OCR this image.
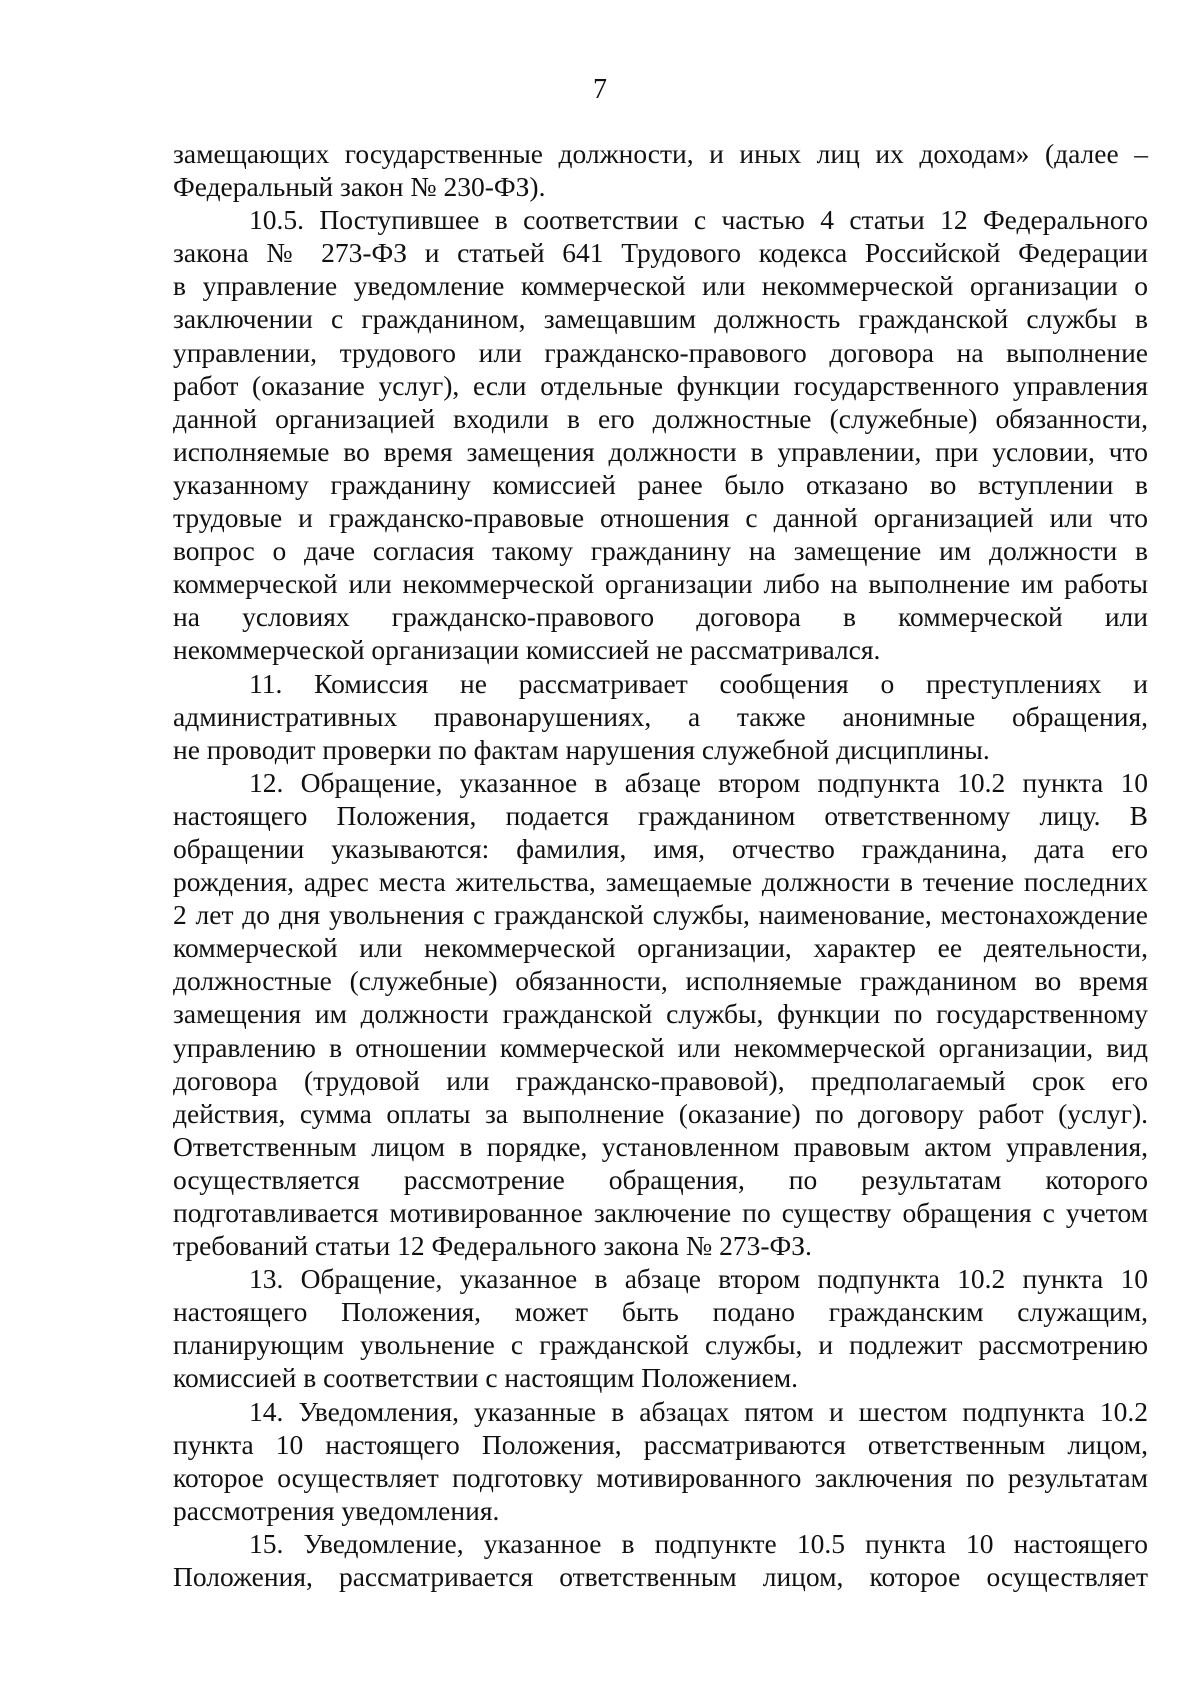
7

замещающих государственные должности, и иных лиц их доходам» (далее –
Федеральный закон № 230-ФЗ).

10.5. Поступившее в соответствии с частью 4 статьи 12 Федерального
закона № 273-ФЗ и статьей 641 Трудового кодекса Российской Федерации
в управление уведомление коммерческой или некоммерческой организации о
заключении с гражданином, замещавшим должность гражданской службы в
управлении, трудового или гражданско-правового договора на выполнение
работ (оказание услуг), если отдельные функции государственного управления
данной организацией входили в его должностные (служебные) обязанности,
исполняемые во время замещения должности в управлении, при условии, что
указанному гражданину комиссией ранее было отказано во вступлении в
трудовые и гражданско-правовые отношения с данной организацией или что
вопрос о даче согласия такому гражданину на замещение им должности в
коммерческой или некоммерческой организации либо на выполнение им работы
на условиях гражданско-правового договора в коммерческой или
некоммерческой организации комиссией не рассматривался.

11. Комиссия не рассматривает сообщения о преступлениях и
административных правонарушениях, а также анонимные обращения,
не проводит проверки по фактам нарушения служебной дисциплины.

12. Обращение, указанное в абзаце втором подпункта 10.2 пункта 10
настоящего Положения, подается гражданином ответственному лицу. В
обращении указываются: фамилия, имя, отчество гражданина, дата его
рождения, адрес места жительства, замещаемые должности в течение последних
2 лет до дня увольнения с гражданской службы, наименование, местонахождение
коммерческой или некоммерческой организации, характер ее деятельности,
должностные (служебные) обязанности, исполняемые гражданином во время
замещения им должности гражданской службы, функции по государственному
управлению в отношении коммерческой или некоммерческой организации, вид
договора (трудовой или гражданско-правовой), предполагаемый срок его
действия, сумма оплаты за выполнение (оказание) по договору работ (услуг).
Ответственным лицом в порядке, установленном правовым актом управления,
осуществляется рассмотрение обращения, по результатам которого
подготавливается мотивированное заключение по существу обращения с учетом
требований статьи 12 Федерального закона № 273-ФЗ.

13. Обращение, указанное в абзаце втором подпункта 10.2 пункта 10
настоящего Положения, может быть подано гражданским служащим,
планирующим увольнение с гражданской службы, и подлежит рассмотрению
комиссией в соответствии с настоящим Положением.

14. Уведомления, указанные в абзацах пятом и шестом подпункта 10.2
пункта 10 настоящего Положения, рассматриваются ответственным лицом,
которое осуществляет подготовку мотивированного заключения по результатам
рассмотрения уведомления.

15. Уведомление, указанное в подпункте 10.5 пункта 10 настоящего
Положения, рассматривается ответственным лицом, которое осуществляет
